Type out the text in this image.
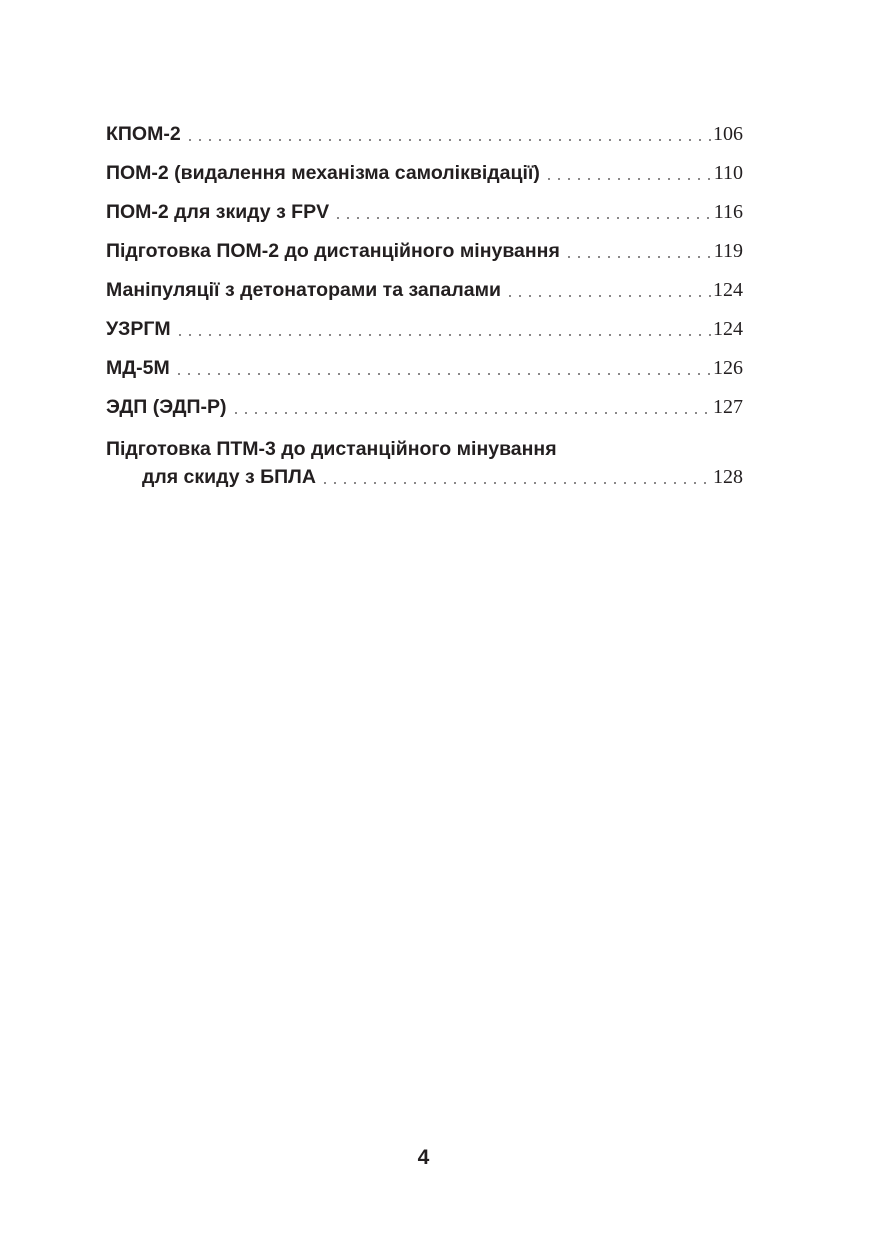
КПОМ-2	106
ПОМ-2 (видалення механізма самоліквідації)	110
ПОМ-2 для зкиду з FPV	116
Підготовка ПОМ-2 до дистанційного мінування	119
Маніпуляції з детонаторами та запалами	124
УЗРГМ	124
МД-5М	126
ЭДП (ЭДП-Р)	127
Підготовка ПТМ-3 до дистанційного мінування
для скиду з БПЛА	128
4
